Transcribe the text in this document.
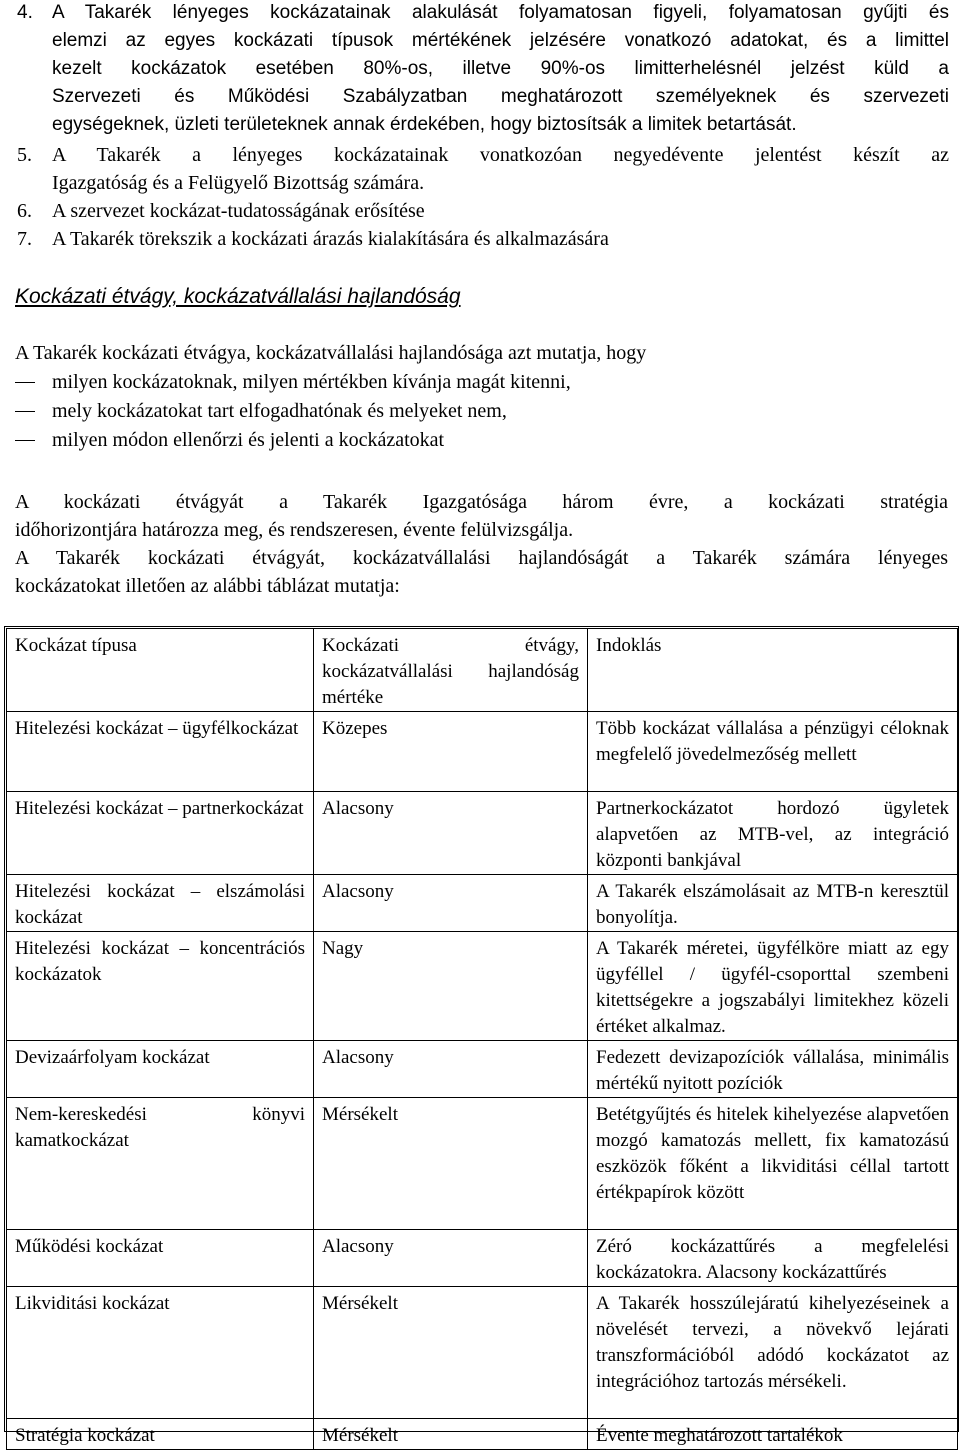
4. A Takarék lényeges kockázatainak alakulását folyamatosan figyeli, folyamatosan gyűjti és
elemzi az egyes kockázati típusok mértékének jelzésére vonatkozó adatokat, és a limittel
kezelt kockázatok esetében 80%-os, illetve 90%-os limitterhelésnél jelzést küld a
Szervezeti és Működési Szabályzatban meghatározott személyeknek és szervezeti
egységeknek, üzleti területeknek annak érdekében, hogy biztosítsák a limitek betartását.
5. A Takarék a lényeges kockázatainak vonatkozóan negyedévente jelentést készít az
Igazgatóság és a Felügyelő Bizottság számára.
6. A szervezet kockázat-tudatosságának erősítése
7. A Takarék törekszik a kockázati árazás kialakítására és alkalmazására
Kockázati étvágy, kockázatvállalási hajlandóság
A Takarék kockázati étvágya, kockázatvállalási hajlandósága azt mutatja, hogy
milyen kockázatoknak, milyen mértékben kívánja magát kitenni,
mely kockázatokat tart elfogadhatónak és melyeket nem,
milyen módon ellenőrzi és jelenti a kockázatokat
A kockázati étvágyát a Takarék Igazgatósága három évre, a kockázati stratégia
időhorizontjára határozza meg, és rendszeresen, évente felülvizsgálja.
A Takarék kockázati étvágyát, kockázatvállalási hajlandóságát a Takarék számára lényeges
kockázatokat illetően az alábbi táblázat mutatja:
Kockázat típusa	Kockázati étvágy, kockázatvállalási hajlandóság mértéke	Indoklás
Hitelezési kockázat – ügyfélkockázat	Közepes	Több kockázat vállalása a pénzügyi céloknak megfelelő jövedelmezőség mellett
Hitelezési kockázat – partnerkockázat	Alacsony	Partnerkockázatot hordozó ügyletek alapvetően az MTB-vel, az integráció központi bankjával
Hitelezési kockázat – elszámolási kockázat	Alacsony	A Takarék elszámolásait az MTB-n keresztül bonyolítja.
Hitelezési kockázat – koncentrációs kockázatok	Nagy	A Takarék méretei, ügyfélköre miatt az egy ügyféllel / ügyfél-csoporttal szembeni kitettségekre a jogszabályi limitekhez közeli értéket alkalmaz.
Devizaárfolyam kockázat	Alacsony	Fedezett devizapozíciók vállalása, minimális mértékű nyitott pozíciók
Nem-kereskedési könyvi kamatkockázat	Mérsékelt	Betétgyűjtés és hitelek kihelyezése alapvetően mozgó kamatozás mellett, fix kamatozású eszközök főként a likviditási céllal tartott értékpapírok között
Működési kockázat	Alacsony	Zéró kockázattűrés a megfelelési kockázatokra. Alacsony kockázattűrés
Likviditási kockázat	Mérsékelt	A Takarék hosszúlejáratú kihelyezéseinek a növelését tervezi, a növekvő lejárati transzformációból adódó kockázatot az integrációhoz tartozás mérsékeli.
Stratégia kockázat	Mérsékelt	Évente meghatározott tartalékok
